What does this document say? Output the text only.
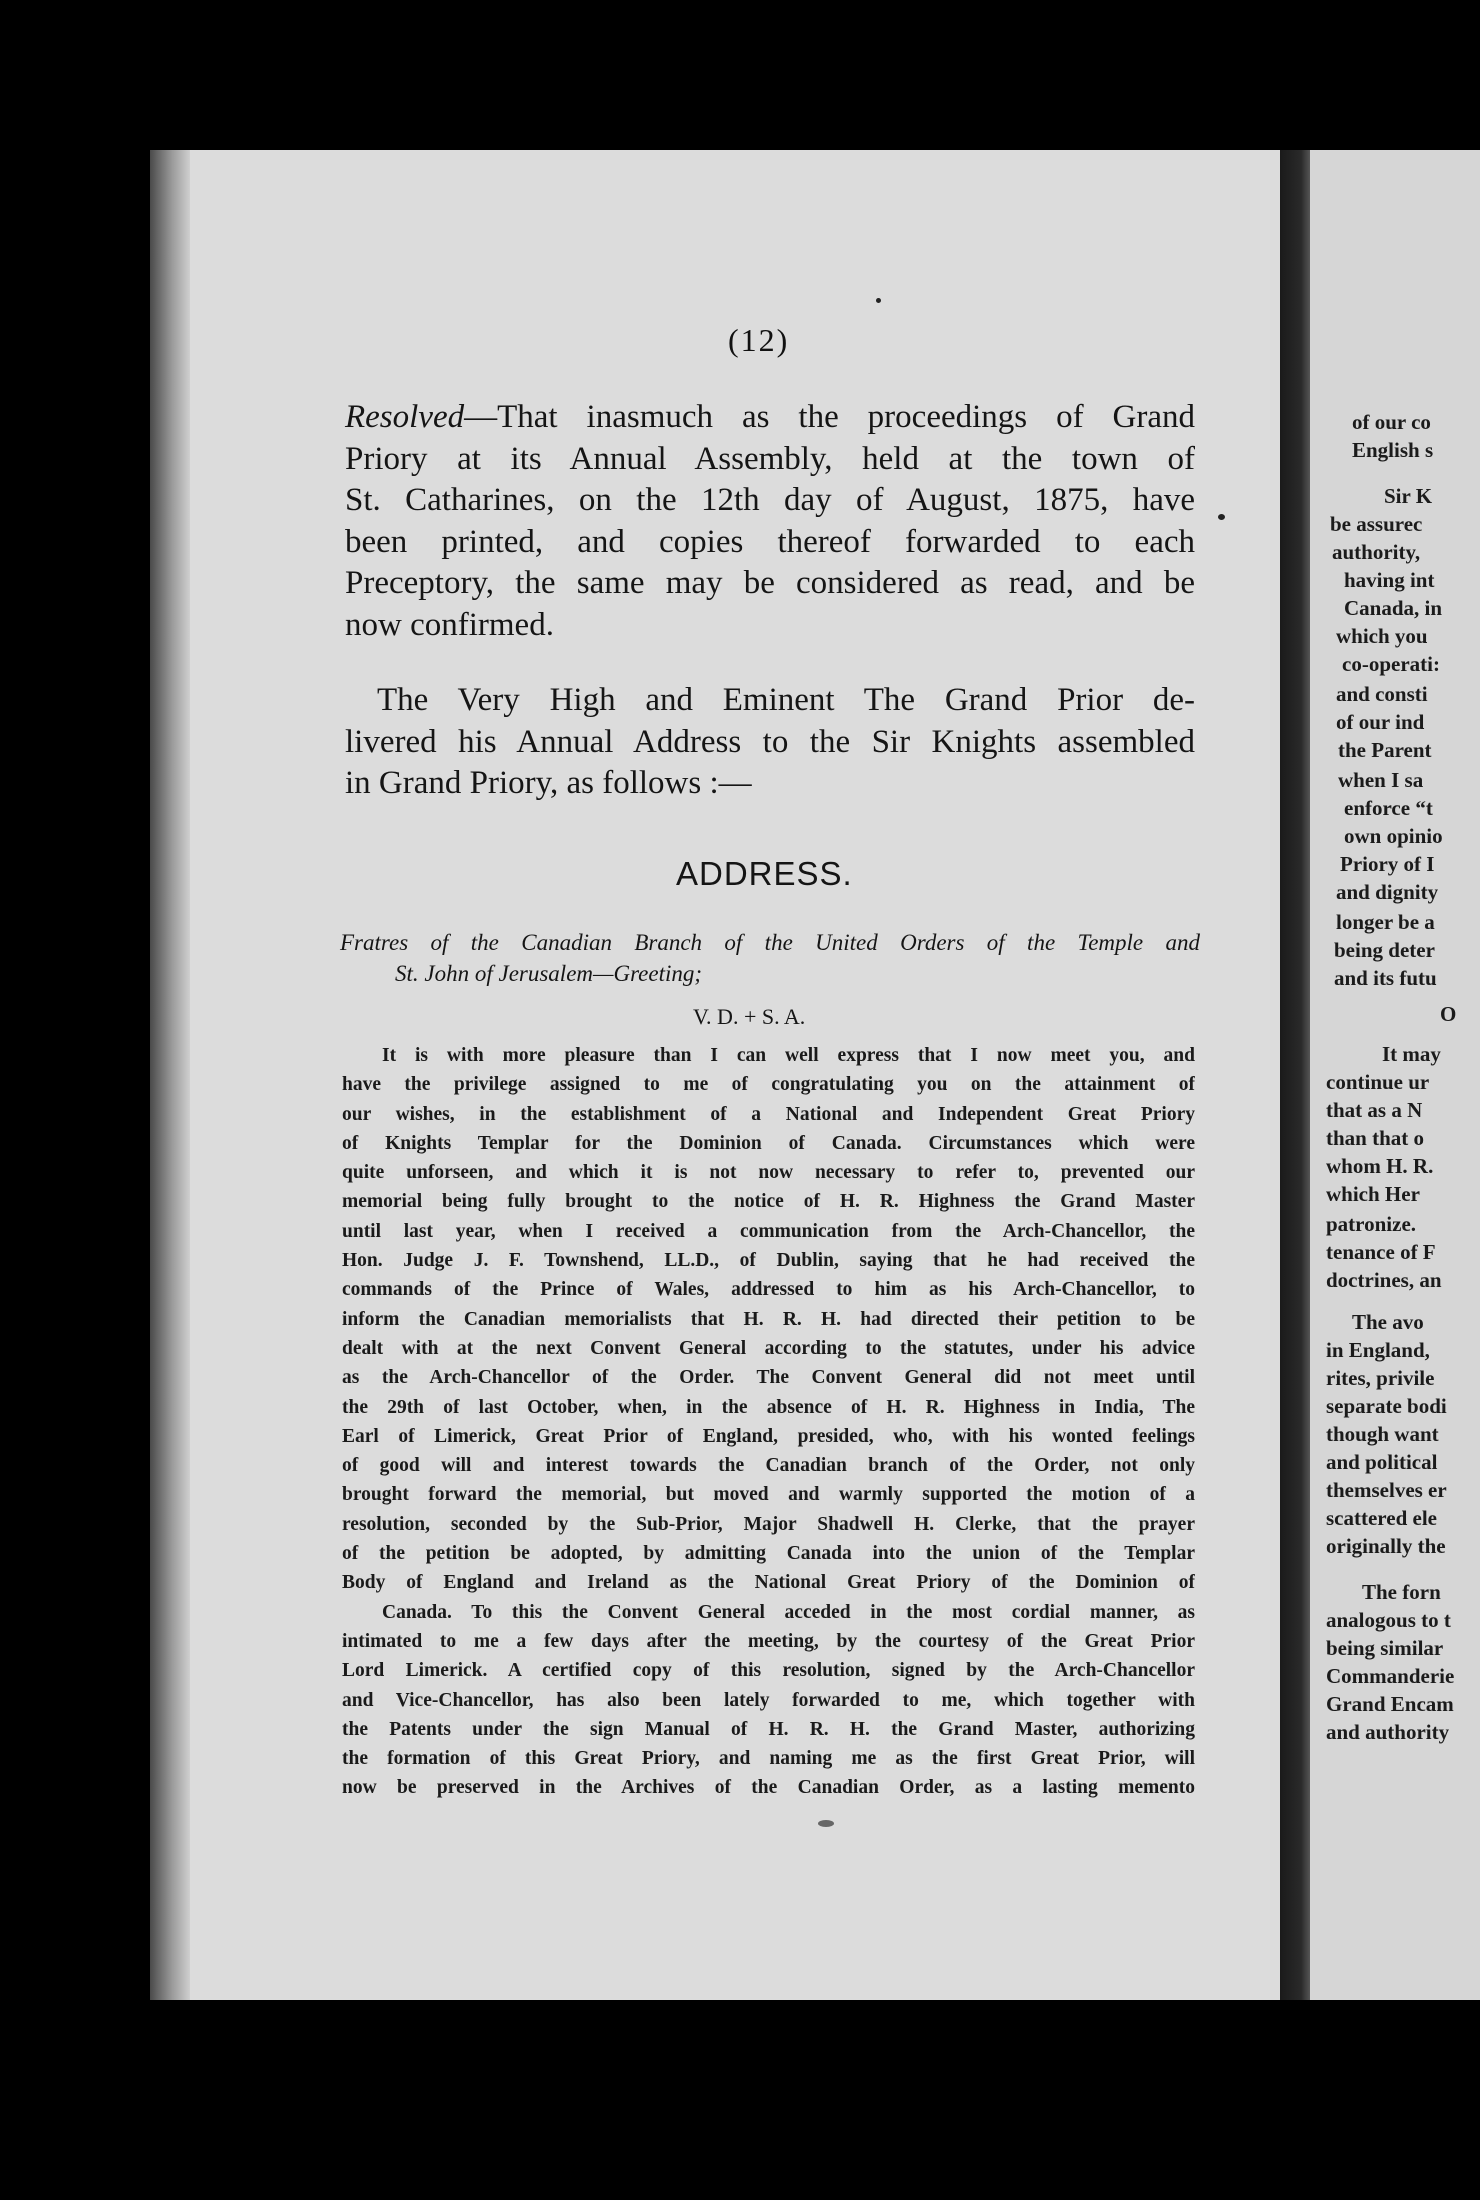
of our co
English s
Sir K
be assurec
authority,
having int
Canada, in
which you
co-operati:
and consti
of our ind
the Parent
when I sa
enforce “t
own opinio
Priory of I
and dignity
longer be a
being deter
and its futu
O
It may
continue ur
that as a N
than that o
whom H. R.
which Her
patronize.
tenance of F
doctrines, an
The avo
in England,
rites, privile
separate bodi
though want
and political
themselves er
scattered ele
originally the
The forn
analogous to t
being similar
Commanderie
Grand Encam
and authority
(12)
Resolved—That inasmuch as the proceedings of Grand
Priory at its Annual Assembly, held at the town of
St. Catharines, on the 12th day of August, 1875, have
been printed, and copies thereof forwarded to each
Preceptory, the same may be considered as read, and be
now confirmed.
The Very High and Eminent The Grand Prior de-
livered his Annual Address to the Sir Knights assembled
in Grand Priory, as follows :—
ADDRESS.
Fratres of the Canadian Branch of the United Orders of the Temple and
St. John of Jerusalem—Greeting;
V. D. + S. A.
It is with more pleasure than I can well express that I now meet you, and
have the privilege assigned to me of congratulating you on the attainment of
our wishes, in the establishment of a National and Independent Great Priory
of Knights Templar for the Dominion of Canada. Circumstances which were
quite unforseen, and which it is not now necessary to refer to, prevented our
memorial being fully brought to the notice of H. R. Highness the Grand Master
until last year, when I received a communication from the Arch-Chancellor, the
Hon. Judge J. F. Townshend, LL.D., of Dublin, saying that he had received the
commands of the Prince of Wales, addressed to him as his Arch-Chancellor, to
inform the Canadian memorialists that H. R. H. had directed their petition to be
dealt with at the next Convent General according to the statutes, under his advice
as the Arch-Chancellor of the Order. The Convent General did not meet until
the 29th of last October, when, in the absence of H. R. Highness in India, The
Earl of Limerick, Great Prior of England, presided, who, with his wonted feelings
of good will and interest towards the Canadian branch of the Order, not only
brought forward the memorial, but moved and warmly supported the motion of a
resolution, seconded by the Sub-Prior, Major Shadwell H. Clerke, that the prayer
of the petition be adopted, by admitting Canada into the union of the Templar
Body of England and Ireland as the National Great Priory of the Dominion of
Canada. To this the Convent General acceded in the most cordial manner, as
intimated to me a few days after the meeting, by the courtesy of the Great Prior
Lord Limerick. A certified copy of this resolution, signed by the Arch-Chancellor
and Vice-Chancellor, has also been lately forwarded to me, which together with
the Patents under the sign Manual of H. R. H. the Grand Master, authorizing
the formation of this Great Priory, and naming me as the first Great Prior, will
now be preserved in the Archives of the Canadian Order, as a lasting memento
